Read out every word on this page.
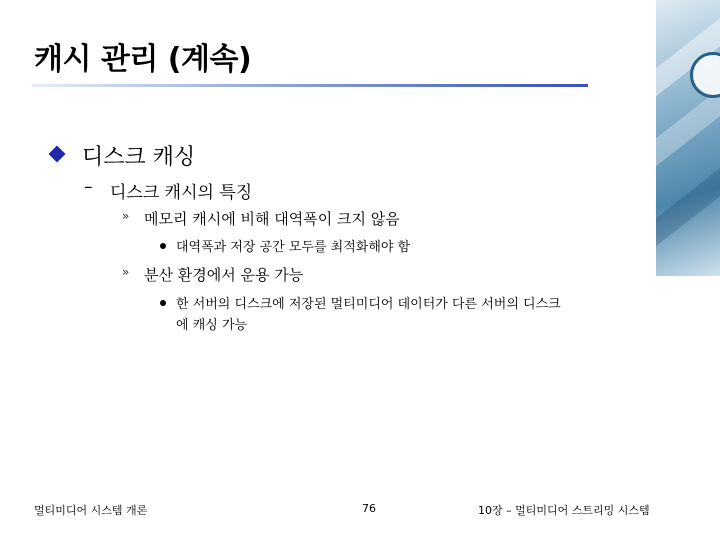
캐시 관리 (계속)
디스크 캐싱
– 디스크 캐시의 특징
» 메모리 캐시에 비해 대역폭이 크지 않음
대역폭과 저장 공간 모두를 최적화해야 함
» 분산 환경에서 운용 가능
한 서버의 디스크에 저장된 멀티미디어 데이터가 다른 서버의 디스크
에 캐싱 가능
멀티미디어 시스템 개론	76	10장 – 멀티미디어 스트리밍 시스템
